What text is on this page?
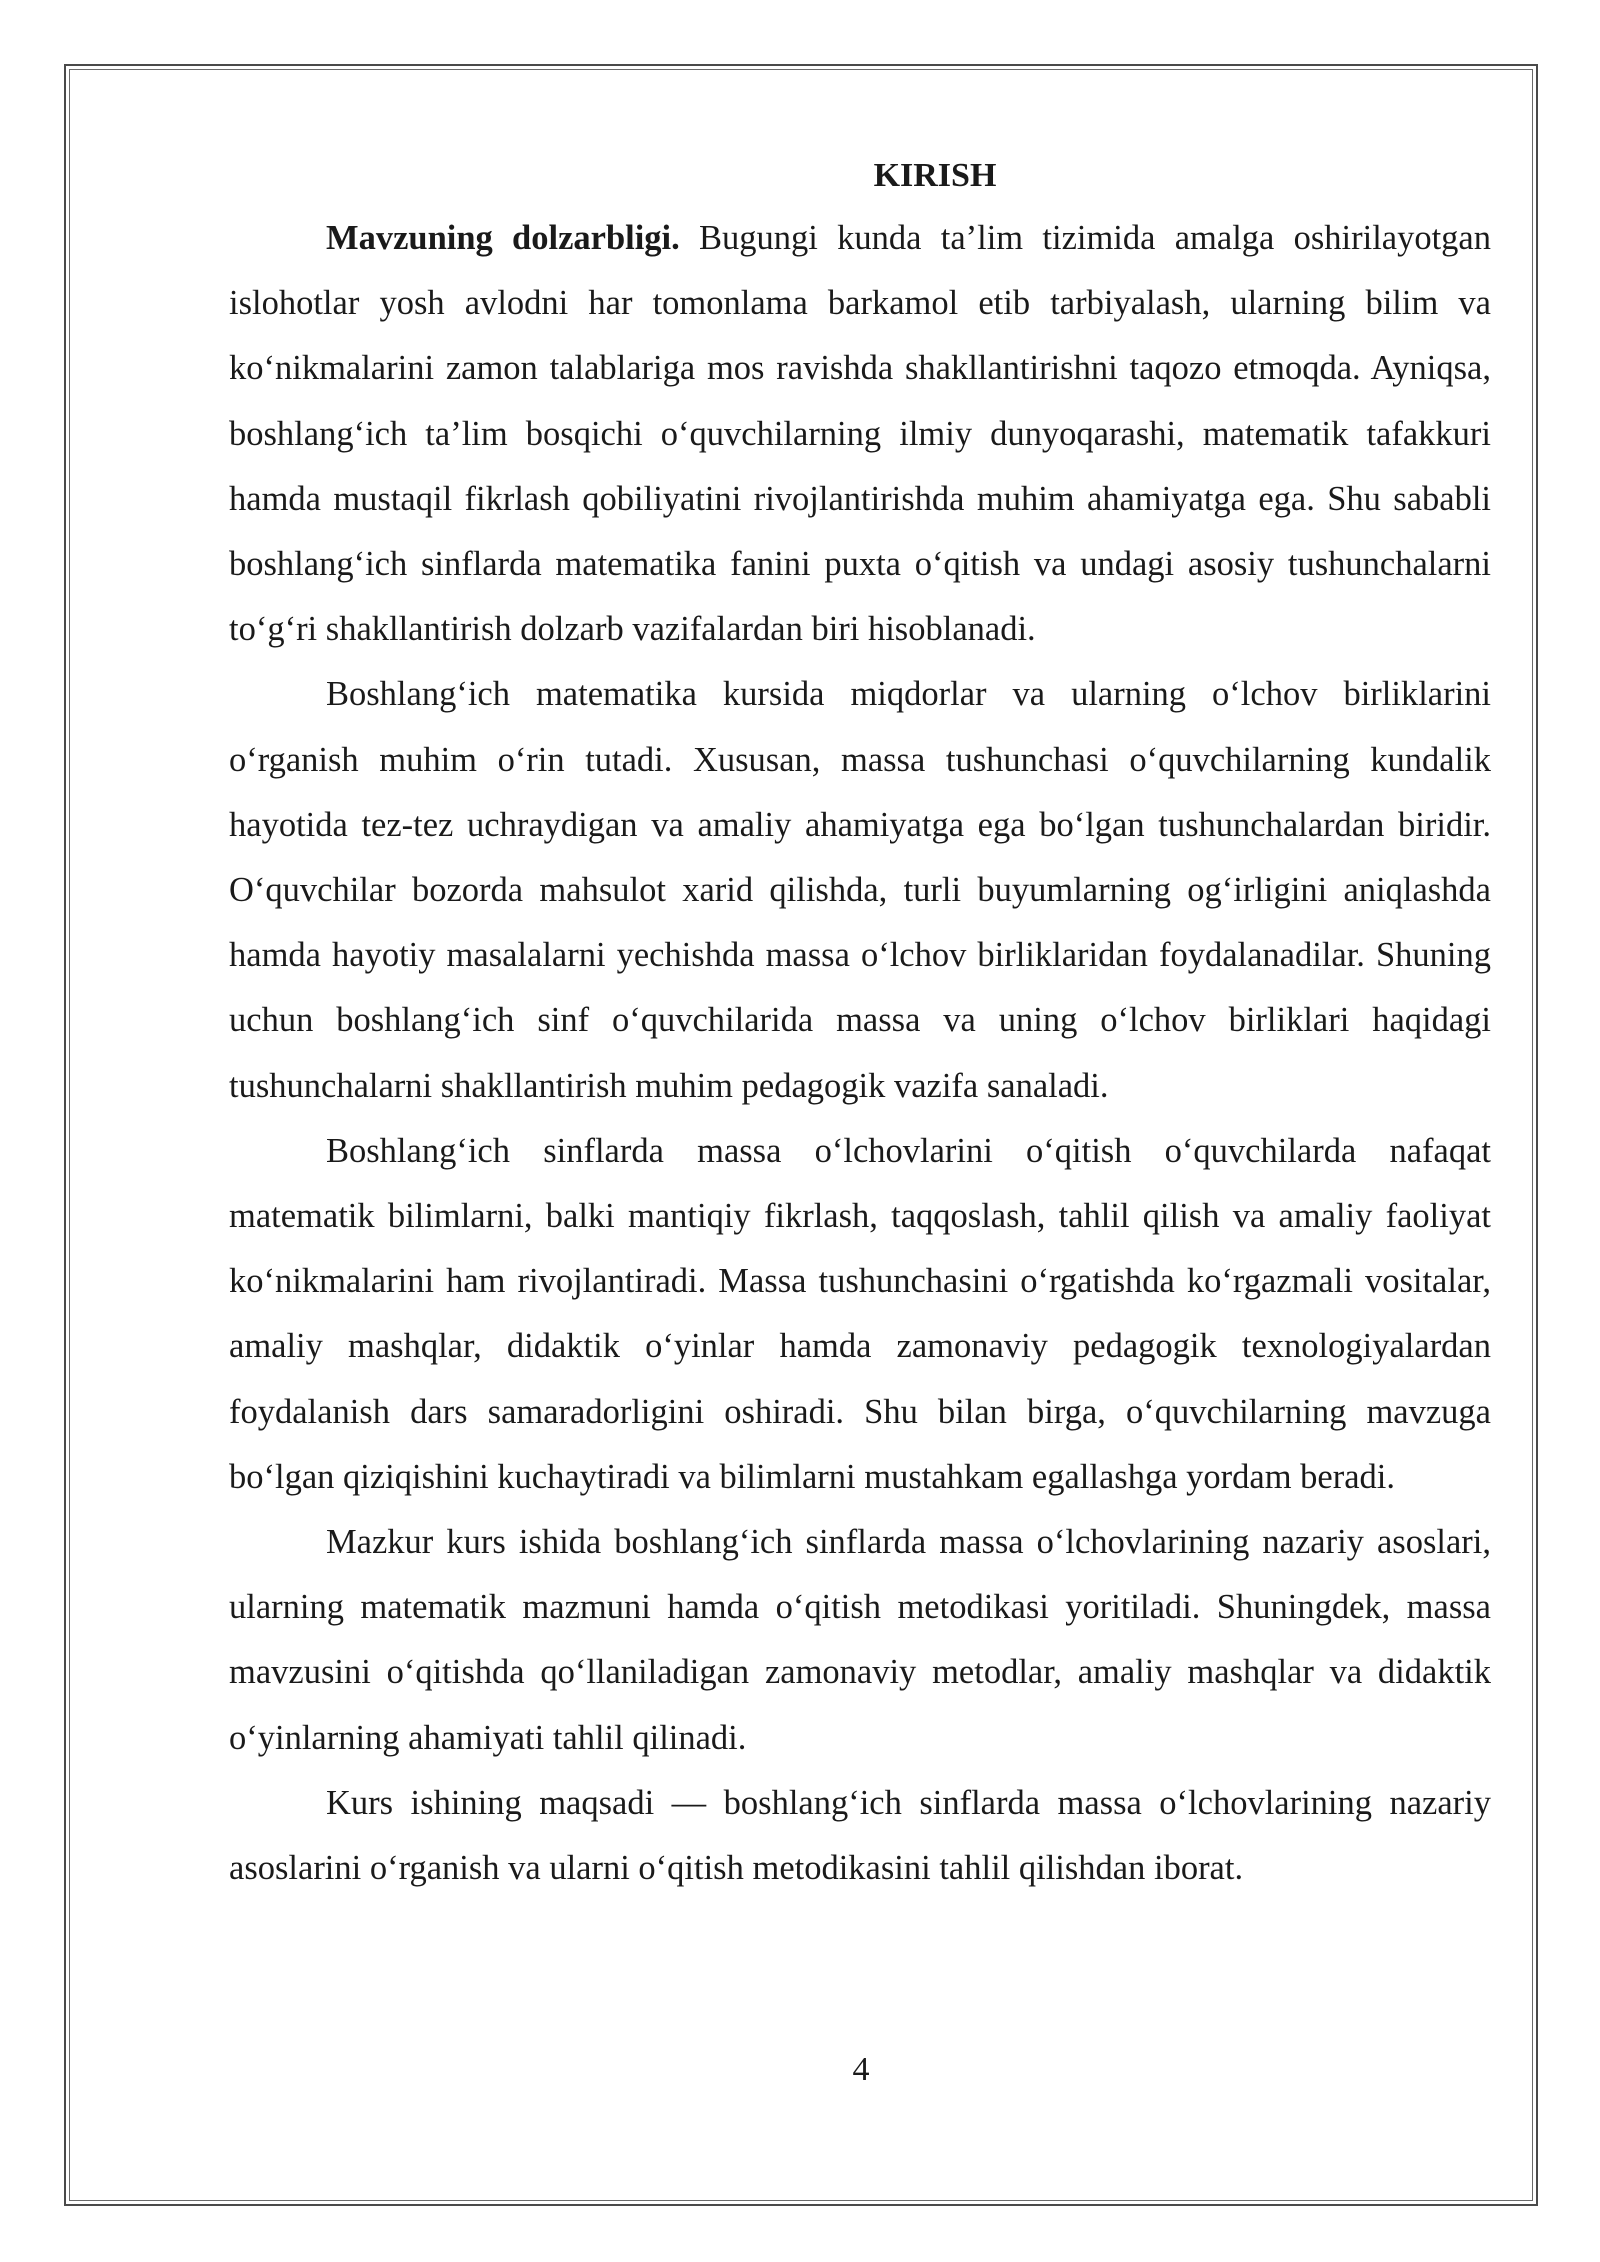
KIRISH

Mavzuning dolzarbligi. Bugungi kunda ta’lim tizimida amalga oshirilayotgan islohotlar yosh avlodni har tomonlama barkamol etib tarbiyalash, ularning bilim va ko‘nikmalarini zamon talablariga mos ravishda shakllantirishni taqozo etmoqda. Ayniqsa, boshlang‘ich ta’lim bosqichi o‘quvchilarning ilmiy dunyoqarashi, matematik tafakkuri hamda mustaqil fikrlash qobiliyatini rivojlantirishda muhim ahamiyatga ega. Shu sababli boshlang‘ich sinflarda matematika fanini puxta o‘qitish va undagi asosiy tushunchalarni to‘g‘ri shakllantirish dolzarb vazifalardan biri hisoblanadi.

Boshlang‘ich matematika kursida miqdorlar va ularning o‘lchov birliklarini o‘rganish muhim o‘rin tutadi. Xususan, massa tushunchasi o‘quvchilarning kundalik hayotida tez-tez uchraydigan va amaliy ahamiyatga ega bo‘lgan tushunchalardan biridir. O‘quvchilar bozorda mahsulot xarid qilishda, turli buyumlarning og‘irligini aniqlashda hamda hayotiy masalalarni yechishda massa o‘lchov birliklaridan foydalanadilar. Shuning uchun boshlang‘ich sinf o‘quvchilarida massa va uning o‘lchov birliklari haqidagi tushunchalarni shakllantirish muhim pedagogik vazifa sanaladi.

Boshlang‘ich sinflarda massa o‘lchovlarini o‘qitish o‘quvchilarda nafaqat matematik bilimlarni, balki mantiqiy fikrlash, taqqoslash, tahlil qilish va amaliy faoliyat ko‘nikmalarini ham rivojlantiradi. Massa tushunchasini o‘rgatishda ko‘rgazmali vositalar, amaliy mashqlar, didaktik o‘yinlar hamda zamonaviy pedagogik texnologiyalardan foydalanish dars samaradorligini oshiradi. Shu bilan birga, o‘quvchilarning mavzuga bo‘lgan qiziqishini kuchaytiradi va bilimlarni mustahkam egallashga yordam beradi.

Mazkur kurs ishida boshlang‘ich sinflarda massa o‘lchovlarining nazariy asoslari, ularning matematik mazmuni hamda o‘qitish metodikasi yoritiladi. Shuningdek, massa mavzusini o‘qitishda qo‘llaniladigan zamonaviy metodlar, amaliy mashqlar va didaktik o‘yinlarning ahamiyati tahlil qilinadi.

Kurs ishining maqsadi — boshlang‘ich sinflarda massa o‘lchovlarining nazariy asoslarini o‘rganish va ularni o‘qitish metodikasini tahlil qilishdan iborat.

4
